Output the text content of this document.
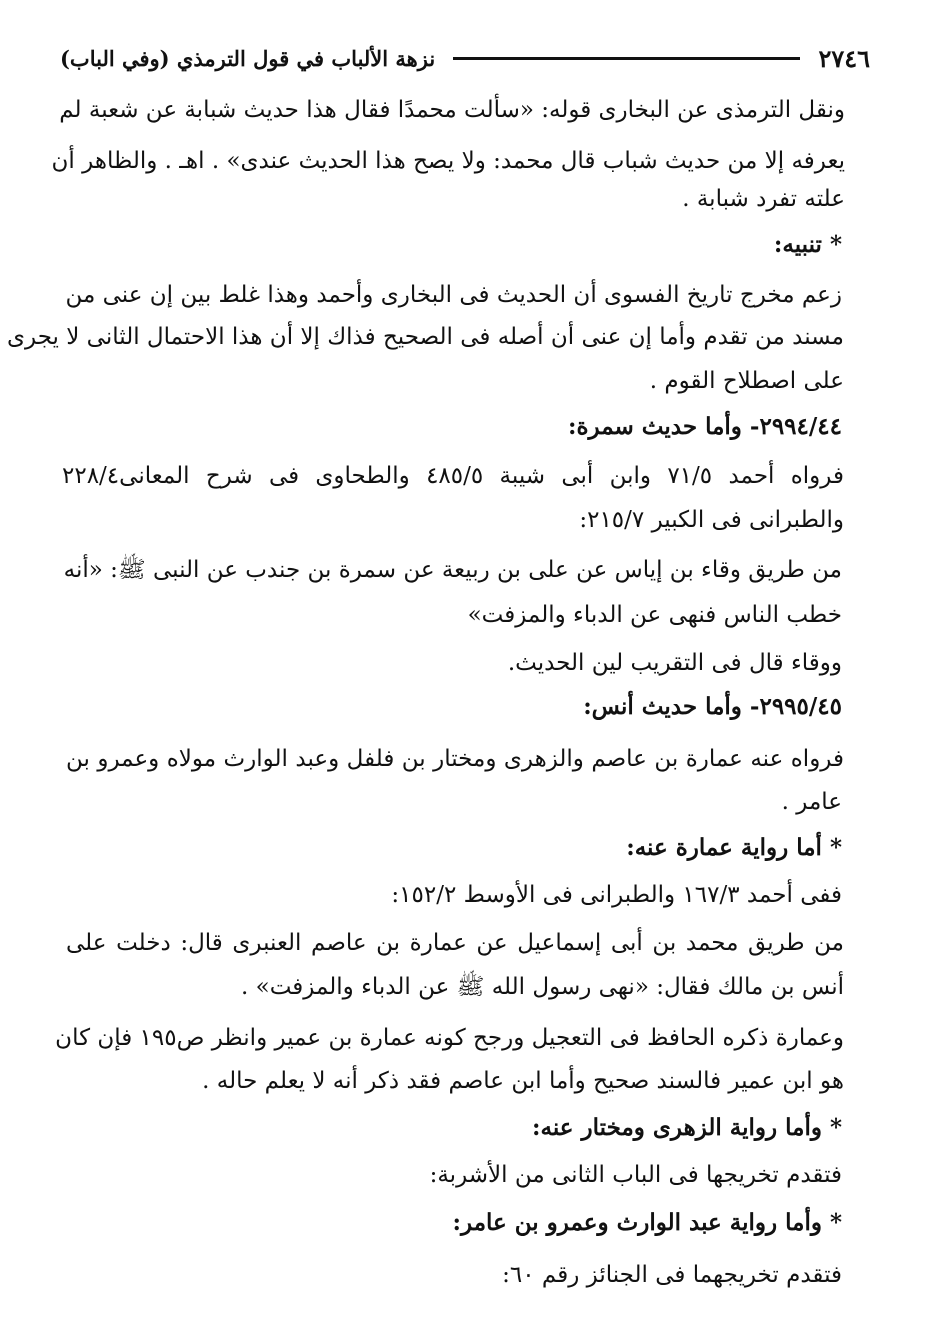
٢٧٤٦
نزهة الألباب في قول الترمذي (وفي الباب)
ونقل الترمذى عن البخارى قوله: «سألت محمدًا فقال هذا حديث شبابة عن شعبة لم
يعرفه إلا من حديث شباب قال محمد: ولا يصح هذا الحديث عندى» . اهـ . والظاهر أن
علته تفرد شبابة .
* تنبيه:
زعم مخرج تاريخ الفسوى أن الحديث فى البخارى وأحمد وهذا غلط بين إن عنى من
مسند من تقدم وأما إن عنى أن أصله فى الصحيح فذاك إلا أن هذا الاحتمال الثانى لا يجرى
على اصطلاح القوم .
٢٩٩٤/٤٤- وأما حديث سمرة:
فرواه أحمد ٧١/٥ وابن أبى شيبة ٤٨٥/٥ والطحاوى فى شرح المعانى٢٢٨/٤
والطبرانى فى الكبير ٢١٥/٧:
من طريق وقاء بن إياس عن على بن ربيعة عن سمرة بن جندب عن النبى ﷺ: «أنه
خطب الناس فنهى عن الدباء والمزفت»
ووقاء قال فى التقريب لين الحديث.
٢٩٩٥/٤٥- وأما حديث أنس:
فرواه عنه عمارة بن عاصم والزهرى ومختار بن فلفل وعبد الوارث مولاه وعمرو بن
عامر .
* أما رواية عمارة عنه:
ففى أحمد ١٦٧/٣ والطبرانى فى الأوسط ١٥٢/٢:
من طريق محمد بن أبى إسماعيل عن عمارة بن عاصم العنبرى قال: دخلت على
أنس بن مالك فقال: «نهى رسول الله ﷺ عن الدباء والمزفت» .
وعمارة ذكره الحافظ فى التعجيل ورجح كونه عمارة بن عمير وانظر ص١٩٥ فإن كان
هو ابن عمير فالسند صحيح وأما ابن عاصم فقد ذكر أنه لا يعلم حاله .
* وأما رواية الزهرى ومختار عنه:
فتقدم تخريجها فى الباب الثانى من الأشربة:
* وأما رواية عبد الوارث وعمرو بن عامر:
فتقدم تخريجهما فى الجنائز رقم ٦٠:
